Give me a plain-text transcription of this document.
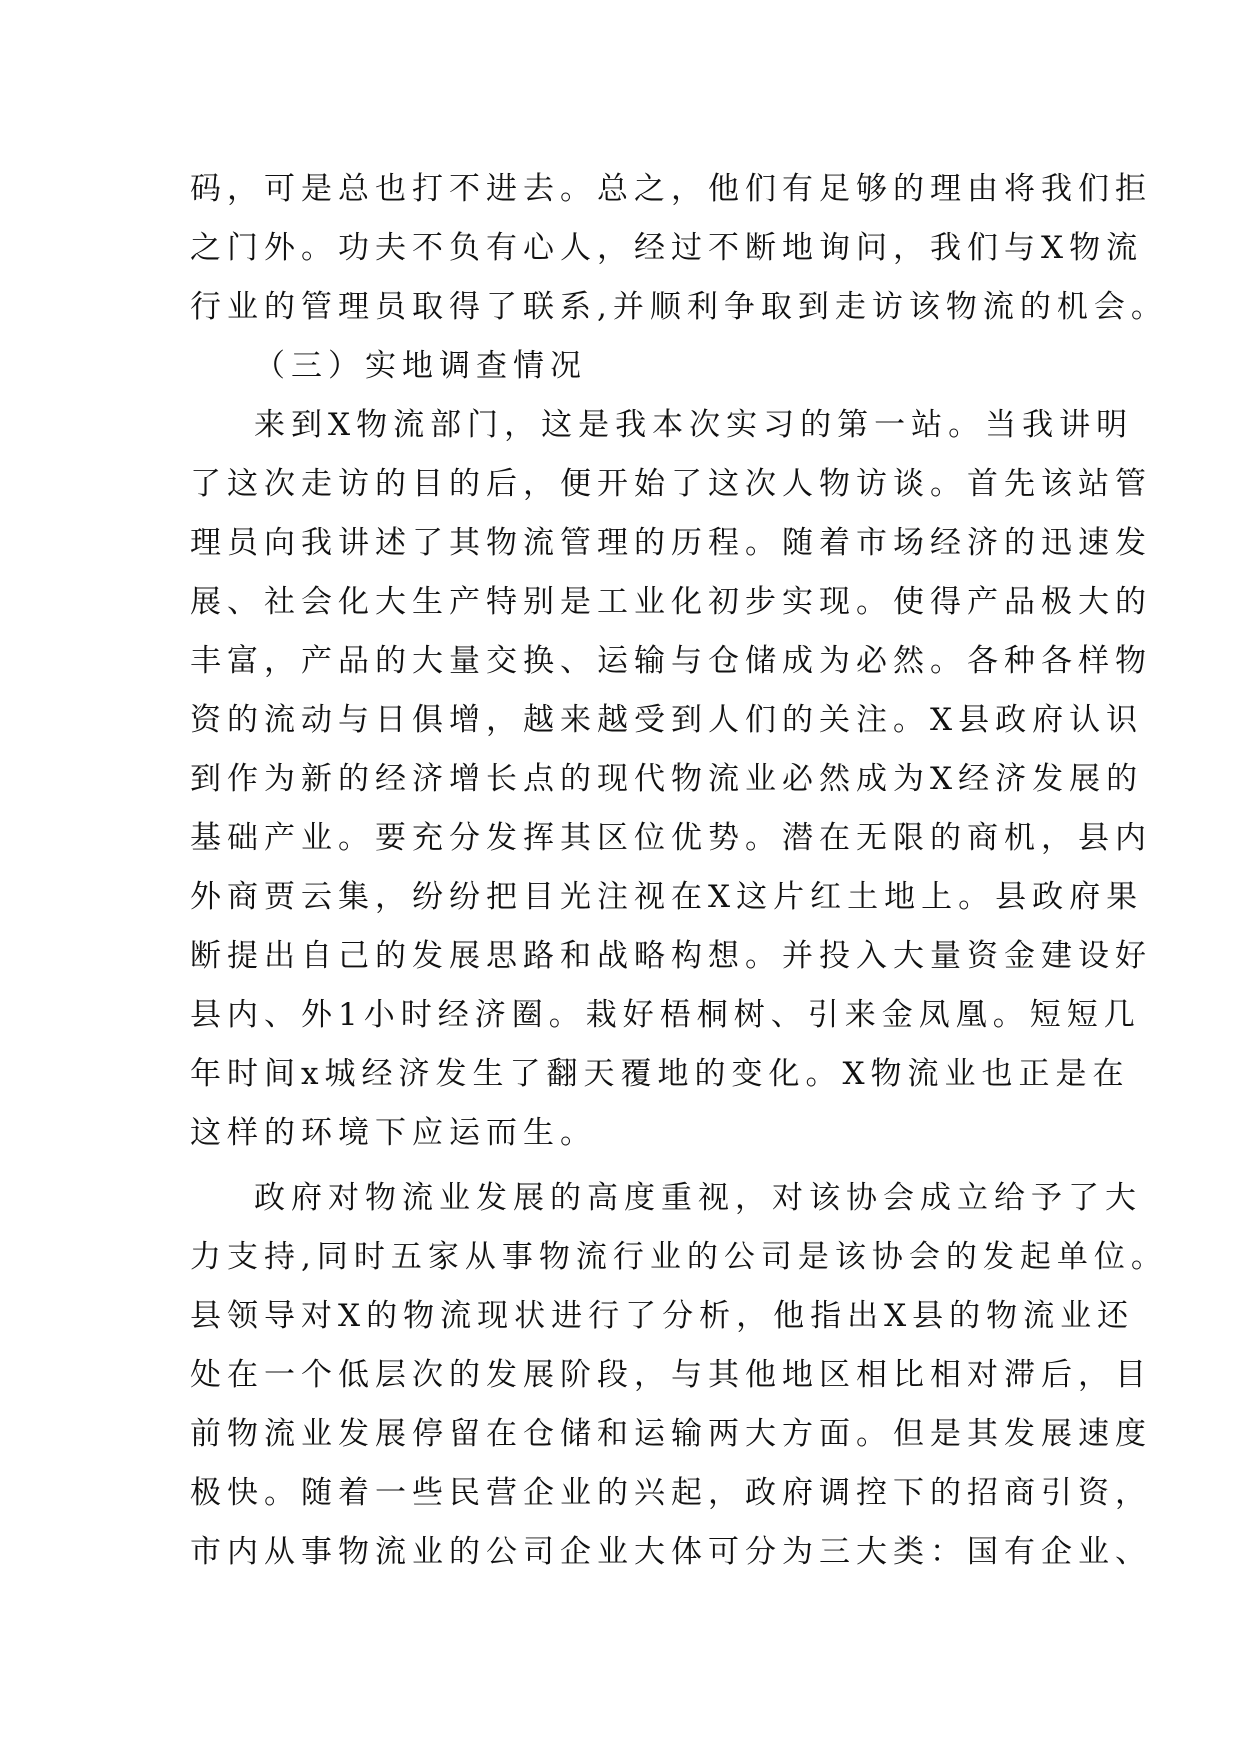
码，可是总也打不进去。总之，他们有足够的理由将我们拒
之门外。功夫不负有心人，经过不断地询问，我们与X物流
行业的管理员取得了联系,并顺利争取到走访该物流的机会。
（三）实地调查情况
来到X物流部门，这是我本次实习的第一站。当我讲明
了这次走访的目的后，便开始了这次人物访谈。首先该站管
理员向我讲述了其物流管理的历程。随着市场经济的迅速发
展、社会化大生产特别是工业化初步实现。使得产品极大的
丰富，产品的大量交换、运输与仓储成为必然。各种各样物
资的流动与日俱增，越来越受到人们的关注。X县政府认识
到作为新的经济增长点的现代物流业必然成为X经济发展的
基础产业。要充分发挥其区位优势。潜在无限的商机，县内
外商贾云集，纷纷把目光注视在X这片红土地上。县政府果
断提出自己的发展思路和战略构想。并投入大量资金建设好
县内、外1小时经济圈。栽好梧桐树、引来金凤凰。短短几
年时间x城经济发生了翻天覆地的变化。X物流业也正是在
这样的环境下应运而生。
政府对物流业发展的高度重视，对该协会成立给予了大
力支持,同时五家从事物流行业的公司是该协会的发起单位。
县领导对X的物流现状进行了分析，他指出X县的物流业还
处在一个低层次的发展阶段，与其他地区相比相对滞后，目
前物流业发展停留在仓储和运输两大方面。但是其发展速度
极快。随着一些民营企业的兴起，政府调控下的招商引资，
市内从事物流业的公司企业大体可分为三大类：国有企业、
